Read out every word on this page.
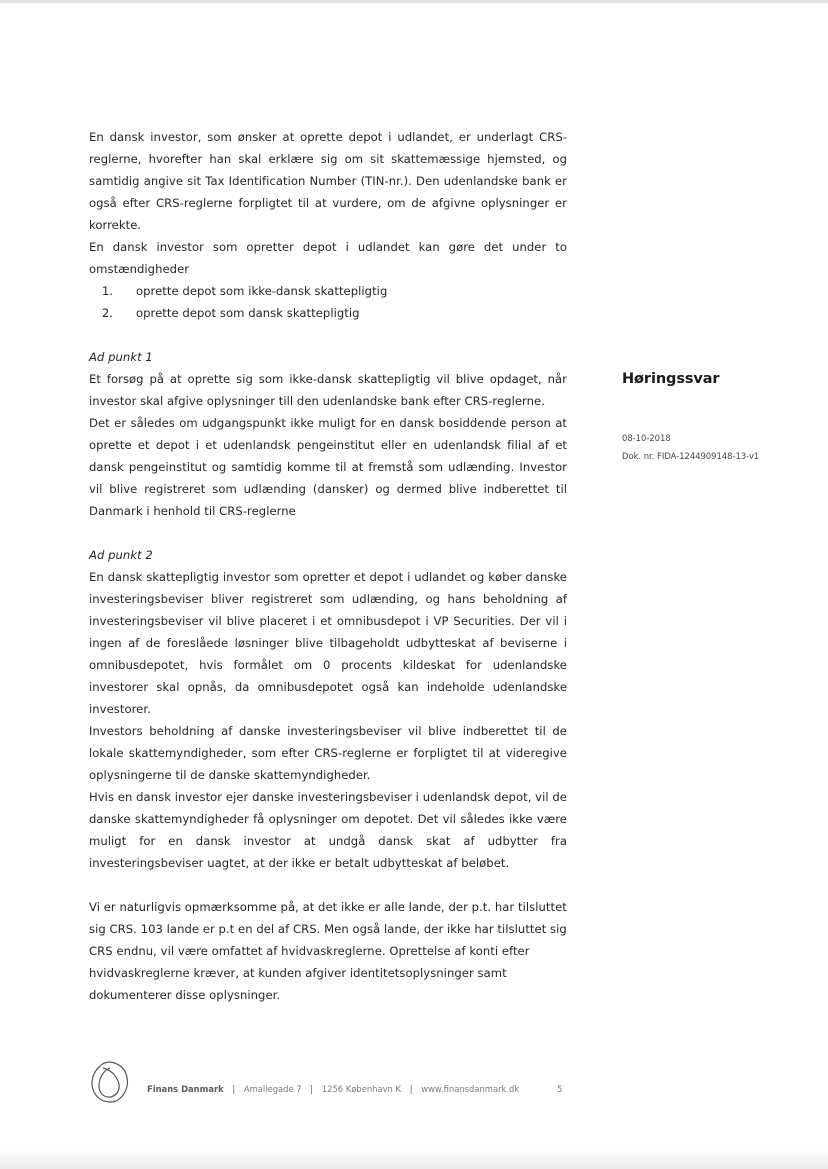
En dansk investor, som ønsker at oprette depot i udlandet, er underlagt CRS-reglerne, hvorefter han skal erklære sig om sit skattemæssige hjemsted, og samtidig angive sit Tax Identification Number (TIN-nr.). Den udenlandske bank er også efter CRS-reglerne forpligtet til at vurdere, om de afgivne oplysninger er korrekte.

En dansk investor som opretter depot i udlandet kan gøre det under to omstændigheder

1. oprette depot som ikke-dansk skattepligtig
2. oprette depot som dansk skattepligtig

Ad punkt 1

Et forsøg på at oprette sig som ikke-dansk skattepligtig vil blive opdaget, når investor skal afgive oplysninger till den udenlandske bank efter CRS-reglerne.

Det er således om udgangspunkt ikke muligt for en dansk bosiddende person at oprette et depot i et udenlandsk pengeinstitut eller en udenlandsk filial af et dansk pengeinstitut og samtidig komme til at fremstå som udlænding. Investor vil blive registreret som udlænding (dansker) og dermed blive indberettet til Danmark i henhold til CRS-reglerne

Ad punkt 2

En dansk skattepligtig investor som opretter et depot i udlandet og køber danske investeringsbeviser bliver registreret som udlænding, og hans beholdning af investeringsbeviser vil blive placeret i et omnibusdepot i VP Securities. Der vil i ingen af de foreslåede løsninger blive tilbageholdt udbytteskat af beviserne i omnibusdepotet, hvis formålet om 0 procents kildeskat for udenlandske investorer skal opnås, da omnibusdepotet også kan indeholde udenlandske investorer.

Investors beholdning af danske investeringsbeviser vil blive indberettet til de lokale skattemyndigheder, som efter CRS-reglerne er forpligtet til at videregive oplysningerne til de danske skattemyndigheder.

Hvis en dansk investor ejer danske investeringsbeviser i udenlandsk depot, vil de danske skattemyndigheder få oplysninger om depotet. Det vil således ikke være muligt for en dansk investor at undgå dansk skat af udbytter fra investeringsbeviser uagtet, at der ikke er betalt udbytteskat af beløbet.

Vi er naturligvis opmærksomme på, at det ikke er alle lande, der p.t. har tilsluttet sig CRS. 103 lande er p.t en del af CRS. Men også lande, der ikke har tilsluttet sig CRS endnu, vil være omfattet af hvidvaskreglerne. Oprettelse af konti efter hvidvaskreglerne kræver, at kunden afgiver identitetsoplysninger samt dokumenterer disse oplysninger.

Høringssvar

08-10-2018
Dok. nr. FIDA-1244909148-13-v1
Finans Danmark | Amaliegade 7 | 1256 København K | www.finansdanmark.dk	5
